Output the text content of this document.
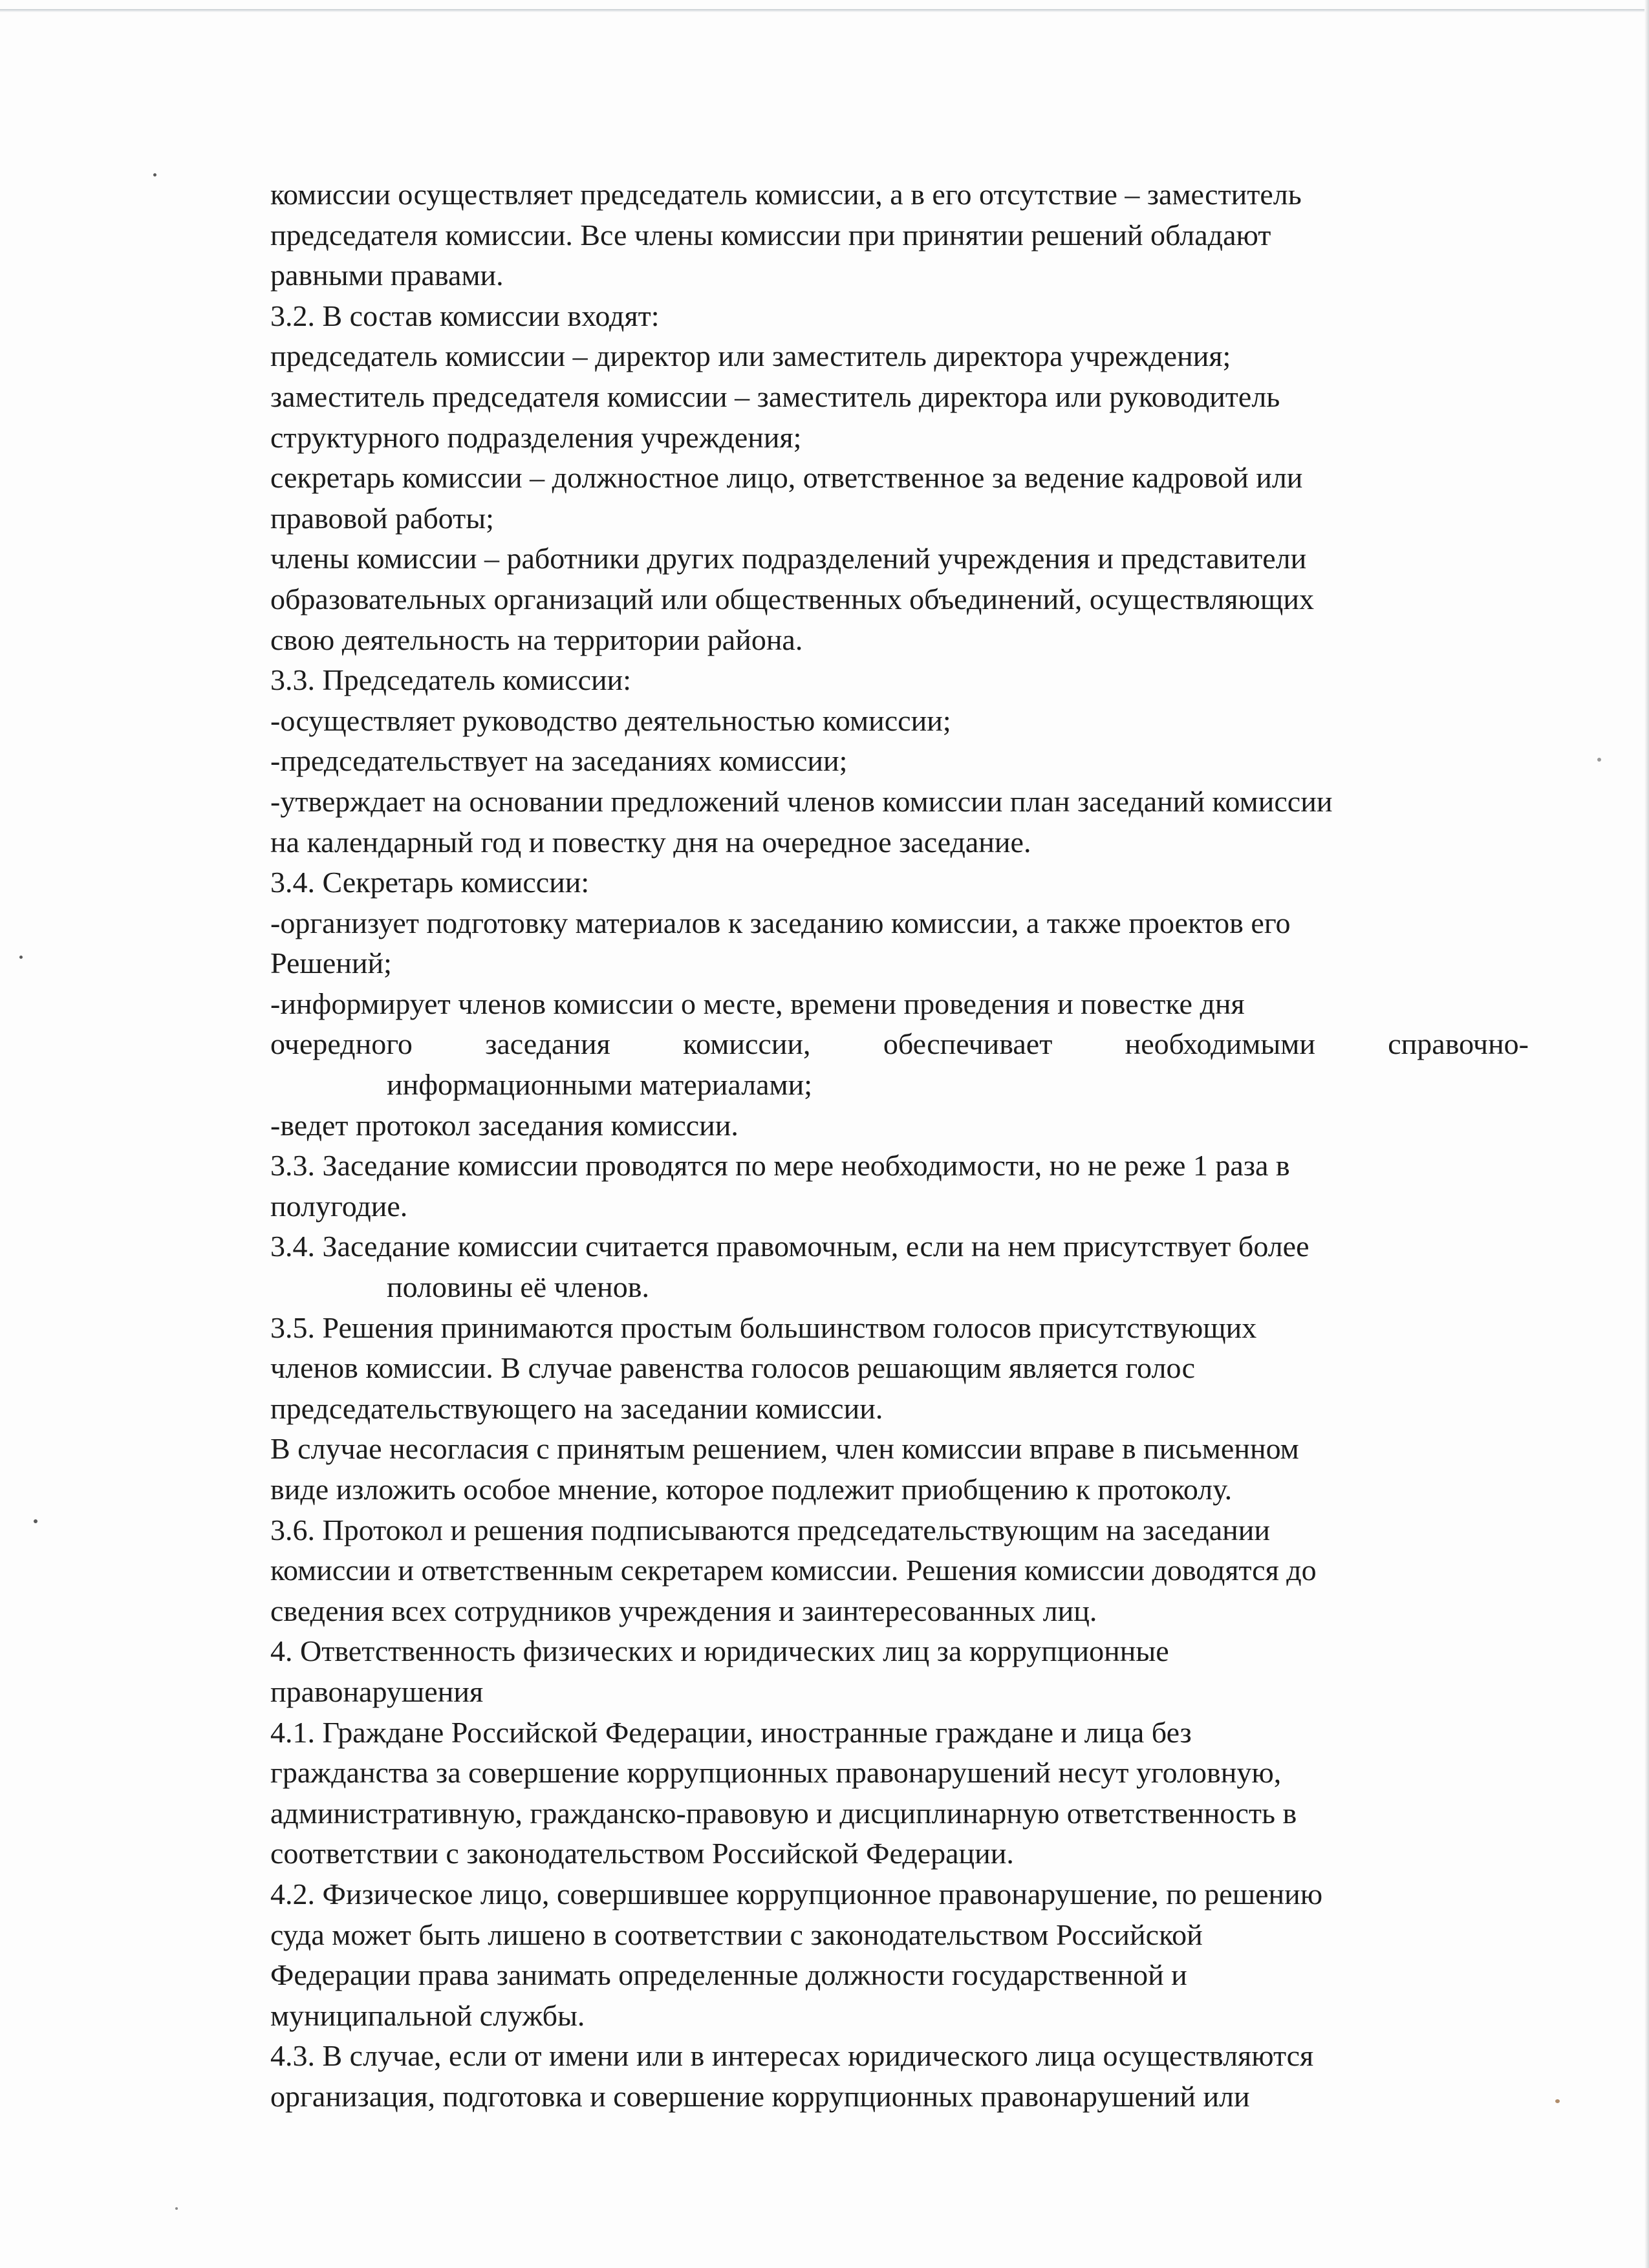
комиссии осуществляет председатель комиссии, а в его отсутствие – заместитель
председателя комиссии. Все члены комиссии при принятии решений обладают
равными правами.
3.2. В состав комиссии входят:
председатель комиссии – директор или заместитель директора учреждения;
заместитель председателя комиссии – заместитель директора или руководитель
структурного подразделения учреждения;
секретарь комиссии – должностное лицо, ответственное за ведение кадровой или
правовой работы;
члены комиссии – работники других подразделений учреждения и представители
образовательных организаций или общественных объединений, осуществляющих
свою деятельность на территории района.
3.3. Председатель комиссии:
-осуществляет руководство деятельностью комиссии;
-председательствует на заседаниях комиссии;
-утверждает на основании предложений членов комиссии план заседаний комиссии
на календарный год и повестку дня на очередное заседание.
3.4. Секретарь комиссии:
-организует подготовку материалов к заседанию комиссии, а также проектов его
Решений;
-информирует членов комиссии о месте, времени проведения и повестке дня
очередного заседания комиссии, обеспечивает необходимыми справочно-
информационными материалами;
-ведет протокол заседания комиссии.
3.3. Заседание комиссии проводятся по мере необходимости, но не реже 1 раза в
полугодие.
3.4. Заседание комиссии считается правомочным, если на нем присутствует более
половины её членов.
3.5. Решения принимаются простым большинством голосов присутствующих
членов комиссии. В случае равенства голосов решающим является голос
председательствующего на заседании комиссии.
В случае несогласия с принятым решением, член комиссии вправе в письменном
виде изложить особое мнение, которое подлежит приобщению к протоколу.
3.6. Протокол и решения подписываются председательствующим на заседании
комиссии и ответственным секретарем комиссии. Решения комиссии доводятся до
сведения всех сотрудников учреждения и заинтересованных лиц.
4. Ответственность физических и юридических лиц за коррупционные
правонарушения
4.1. Граждане Российской Федерации, иностранные граждане и лица без
гражданства за совершение коррупционных правонарушений несут уголовную,
административную, гражданско-правовую и дисциплинарную ответственность в
соответствии с законодательством Российской Федерации.
4.2. Физическое лицо, совершившее коррупционное правонарушение, по решению
суда может быть лишено в соответствии с законодательством Российской
Федерации права занимать определенные должности государственной и
муниципальной службы.
4.3. В случае, если от имени или в интересах юридического лица осуществляются
организация, подготовка и совершение коррупционных правонарушений или
